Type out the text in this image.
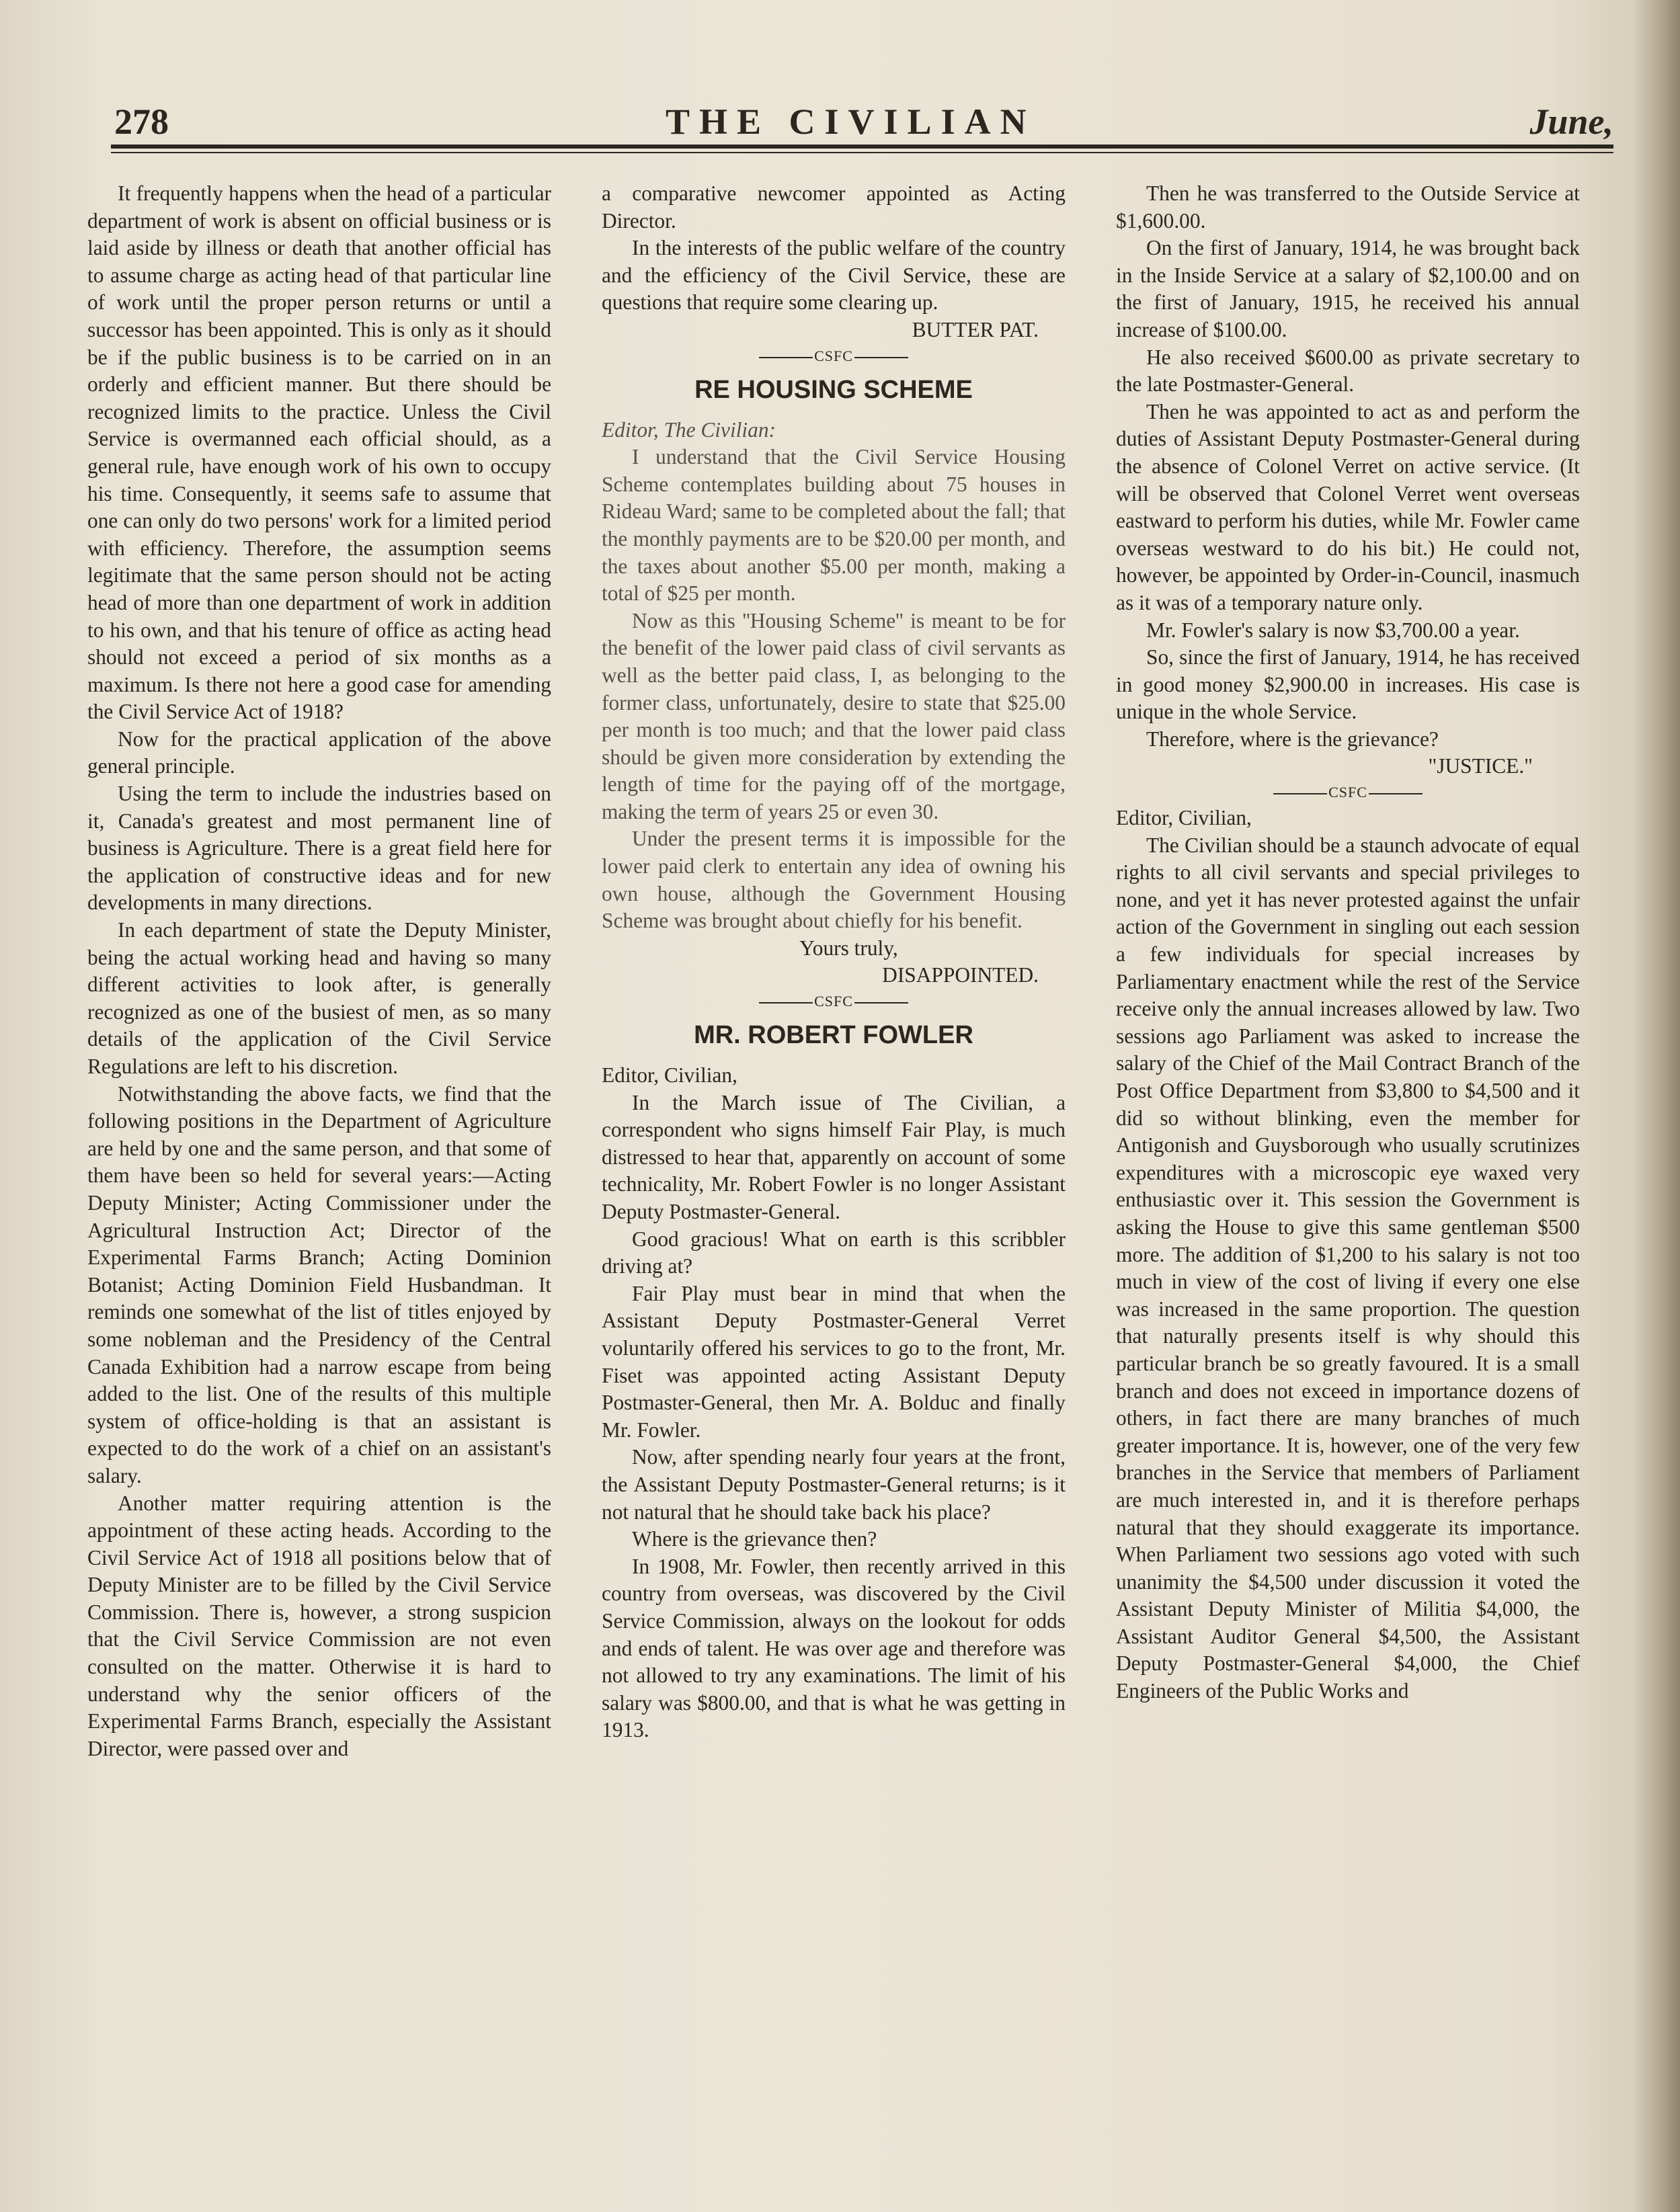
278	THE CIVILIAN	June,

It frequently happens when the head of a particular department of work is absent on official business or is laid aside by illness or death that another official has to assume charge as acting head of that particular line of work until the proper person returns or until a successor has been appointed. This is only as it should be if the public business is to be carried on in an orderly and efficient manner. But there should be recognized limits to the practice. Unless the Civil Service is overmanned each official should, as a general rule, have enough work of his own to occupy his time. Consequently, it seems safe to assume that one can only do two persons' work for a limited period with efficiency. Therefore, the assumption seems legitimate that the same person should not be acting head of more than one department of work in addition to his own, and that his tenure of office as acting head should not exceed a period of six months as a maximum. Is there not here a good case for amending the Civil Service Act of 1918?

Now for the practical application of the above general principle.

Using the term to include the industries based on it, Canada's greatest and most permanent line of business is Agriculture. There is a great field here for the application of constructive ideas and for new developments in many directions.

In each department of state the Deputy Minister, being the actual working head and having so many different activities to look after, is generally recognized as one of the busiest of men, as so many details of the application of the Civil Service Regulations are left to his discretion.

Notwithstanding the above facts, we find that the following positions in the Department of Agriculture are held by one and the same person, and that some of them have been so held for several years:—Acting Deputy Minister; Acting Commissioner under the Agricultural Instruction Act; Director of the Experimental Farms Branch; Acting Dominion Botanist; Acting Dominion Field Husbandman. It reminds one somewhat of the list of titles enjoyed by some nobleman and the Presidency of the Central Canada Exhibition had a narrow escape from being added to the list. One of the results of this multiple system of office-holding is that an assistant is expected to do the work of a chief on an assistant's salary.

Another matter requiring attention is the appointment of these acting heads. According to the Civil Service Act of 1918 all positions below that of Deputy Minister are to be filled by the Civil Service Commission. There is, however, a strong suspicion that the Civil Service Commission are not even consulted on the matter. Otherwise it is hard to understand why the senior officers of the Experimental Farms Branch, especially the Assistant Director, were passed over and

a comparative newcomer appointed as Acting Director.

In the interests of the public welfare of the country and the efficiency of the Civil Service, these are questions that require some clearing up.

BUTTER PAT.

CSFC
RE HOUSING SCHEME

Editor, The Civilian:

I understand that the Civil Service Housing Scheme contemplates building about 75 houses in Rideau Ward; same to be completed about the fall; that the monthly payments are to be $20.00 per month, and the taxes about another $5.00 per month, making a total of $25 per month.

Now as this ''Housing Scheme'' is meant to be for the benefit of the lower paid class of civil servants as well as the better paid class, I, as belonging to the former class, unfortunately, desire to state that $25.00 per month is too much; and that the lower paid class should be given more consideration by extending the length of time for the paying off of the mortgage, making the term of years 25 or even 30.

Under the present terms it is impossible for the lower paid clerk to entertain any idea of owning his own house, although the Government Housing Scheme was brought about chiefly for his benefit.

Yours truly,

DISAPPOINTED.

CSFC
MR. ROBERT FOWLER

Editor, Civilian,

In the March issue of The Civilian, a correspondent who signs himself Fair Play, is much distressed to hear that, apparently on account of some technicality, Mr. Robert Fowler is no longer Assistant Deputy Postmaster-General.

Good gracious! What on earth is this scribbler driving at?

Fair Play must bear in mind that when the Assistant Deputy Postmaster-General Verret voluntarily offered his services to go to the front, Mr. Fiset was appointed acting Assistant Deputy Postmaster-General, then Mr. A. Bolduc and finally Mr. Fowler.

Now, after spending nearly four years at the front, the Assistant Deputy Postmaster-General returns; is it not natural that he should take back his place?

Where is the grievance then?

In 1908, Mr. Fowler, then recently arrived in this country from overseas, was discovered by the Civil Service Commission, always on the lookout for odds and ends of talent. He was over age and therefore was not allowed to try any examinations. The limit of his salary was $800.00, and that is what he was getting in 1913.

Then he was transferred to the Outside Service at $1,600.00.

On the first of January, 1914, he was brought back in the Inside Service at a salary of $2,100.00 and on the first of January, 1915, he received his annual increase of $100.00.

He also received $600.00 as private secretary to the late Postmaster-General.

Then he was appointed to act as and perform the duties of Assistant Deputy Postmaster-General during the absence of Colonel Verret on active service. (It will be observed that Colonel Verret went overseas eastward to perform his duties, while Mr. Fowler came overseas westward to do his bit.) He could not, however, be appointed by Order-in-Council, inasmuch as it was of a temporary nature only.

Mr. Fowler's salary is now $3,700.00 a year.

So, since the first of January, 1914, he has received in good money $2,900.00 in increases. His case is unique in the whole Service.

Therefore, where is the grievance?

"JUSTICE."

CSFC

Editor, Civilian,

The Civilian should be a staunch advocate of equal rights to all civil servants and special privileges to none, and yet it has never protested against the unfair action of the Government in singling out each session a few individuals for special increases by Parliamentary enactment while the rest of the Service receive only the annual increases allowed by law. Two sessions ago Parliament was asked to increase the salary of the Chief of the Mail Contract Branch of the Post Office Department from $3,800 to $4,500 and it did so without blinking, even the member for Antigonish and Guysborough who usually scrutinizes expenditures with a microscopic eye waxed very enthusiastic over it. This session the Government is asking the House to give this same gentleman $500 more. The addition of $1,200 to his salary is not too much in view of the cost of living if every one else was increased in the same proportion. The question that naturally presents itself is why should this particular branch be so greatly favoured. It is a small branch and does not exceed in importance dozens of others, in fact there are many branches of much greater importance. It is, however, one of the very few branches in the Service that members of Parliament are much interested in, and it is therefore perhaps natural that they should exaggerate its importance. When Parliament two sessions ago voted with such unanimity the $4,500 under discussion it voted the Assistant Deputy Minister of Militia $4,000, the Assistant Auditor General $4,500, the Assistant Deputy Postmaster-General $4,000, the Chief Engineers of the Public Works and
